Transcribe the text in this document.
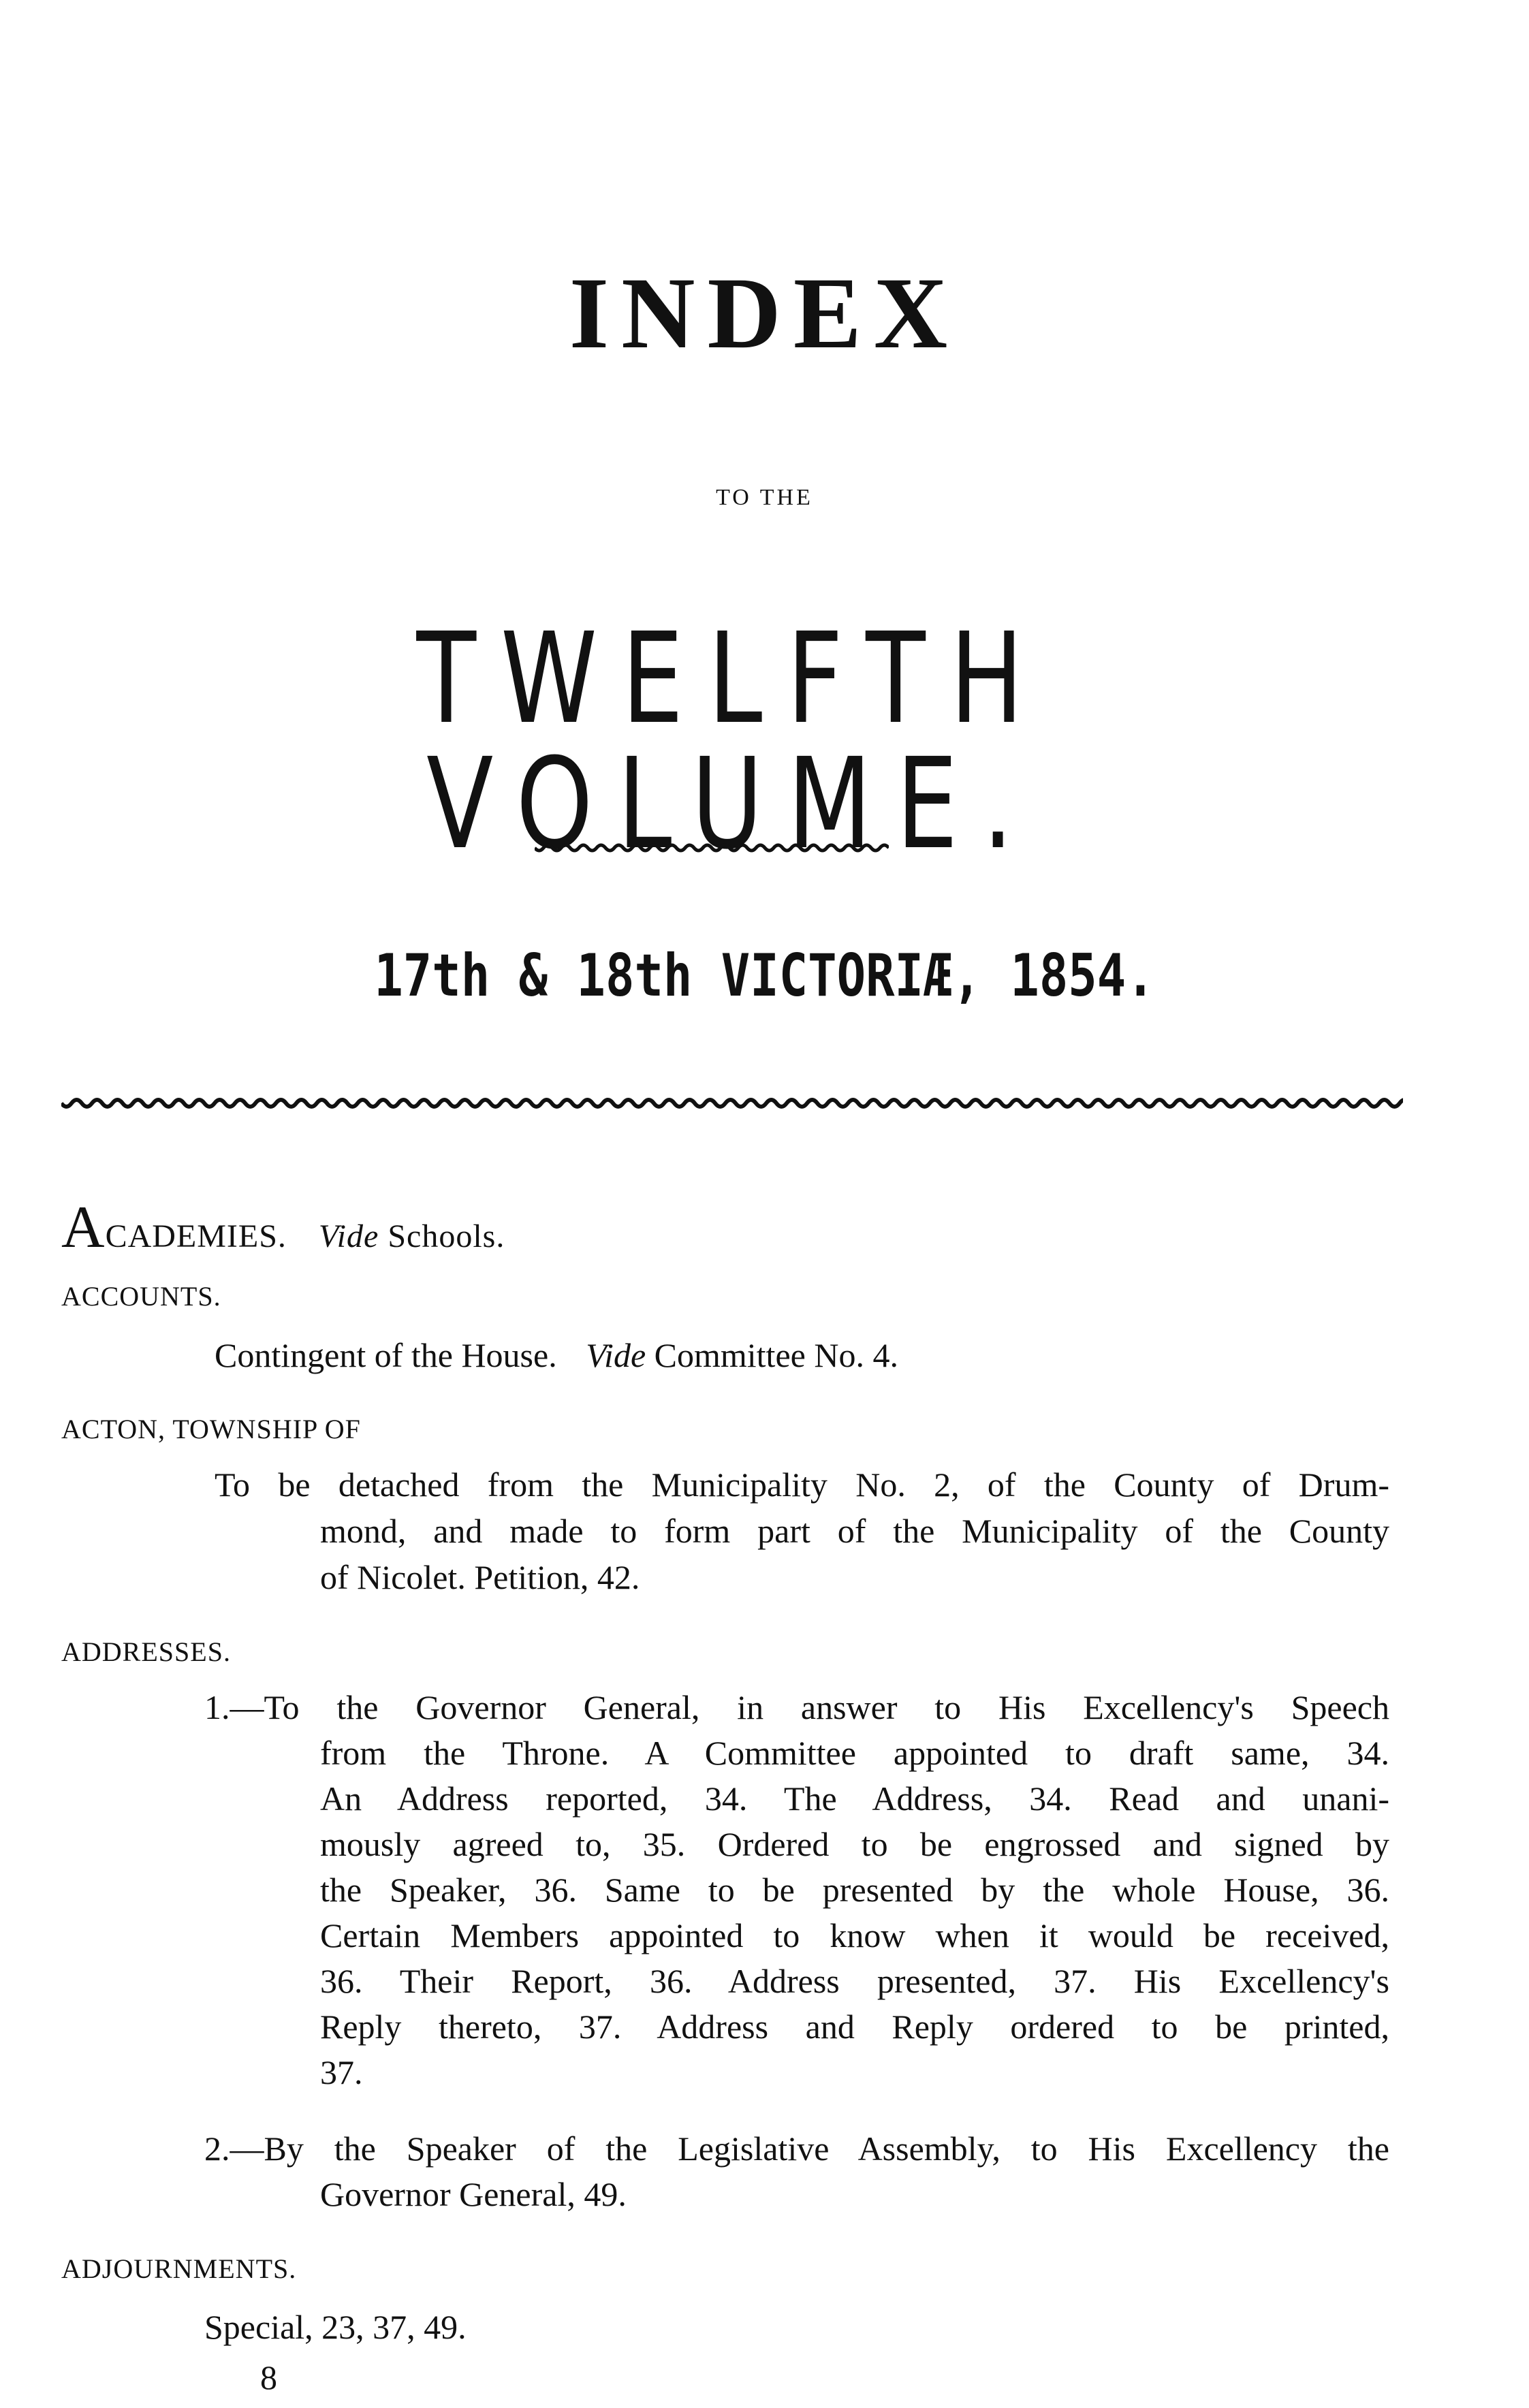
INDEX
TO THE
TWELFTH VOLUME.
17th & 18th VICTORIÆ, 1854.
ACADEMIES. Vide Schools.
ACCOUNTS.
Contingent of the House. Vide Committee No. 4.
ACTON, TOWNSHIP OF
To be detached from the Municipality No. 2, of the County of Drum-
mond, and made to form part of the Municipality of the County
of Nicolet. Petition, 42.
ADDRESSES.
1.—To the Governor General, in answer to His Excellency's Speech
from the Throne. A Committee appointed to draft same, 34.
An Address reported, 34. The Address, 34. Read and unani-
mously agreed to, 35. Ordered to be engrossed and signed by
the Speaker, 36. Same to be presented by the whole House, 36.
Certain Members appointed to know when it would be received,
36. Their Report, 36. Address presented, 37. His Excellency's
Reply thereto, 37. Address and Reply ordered to be printed,
37.
2.—By the Speaker of the Legislative Assembly, to His Excellency the
Governor General, 49.
ADJOURNMENTS.
Special, 23, 37, 49.
8
